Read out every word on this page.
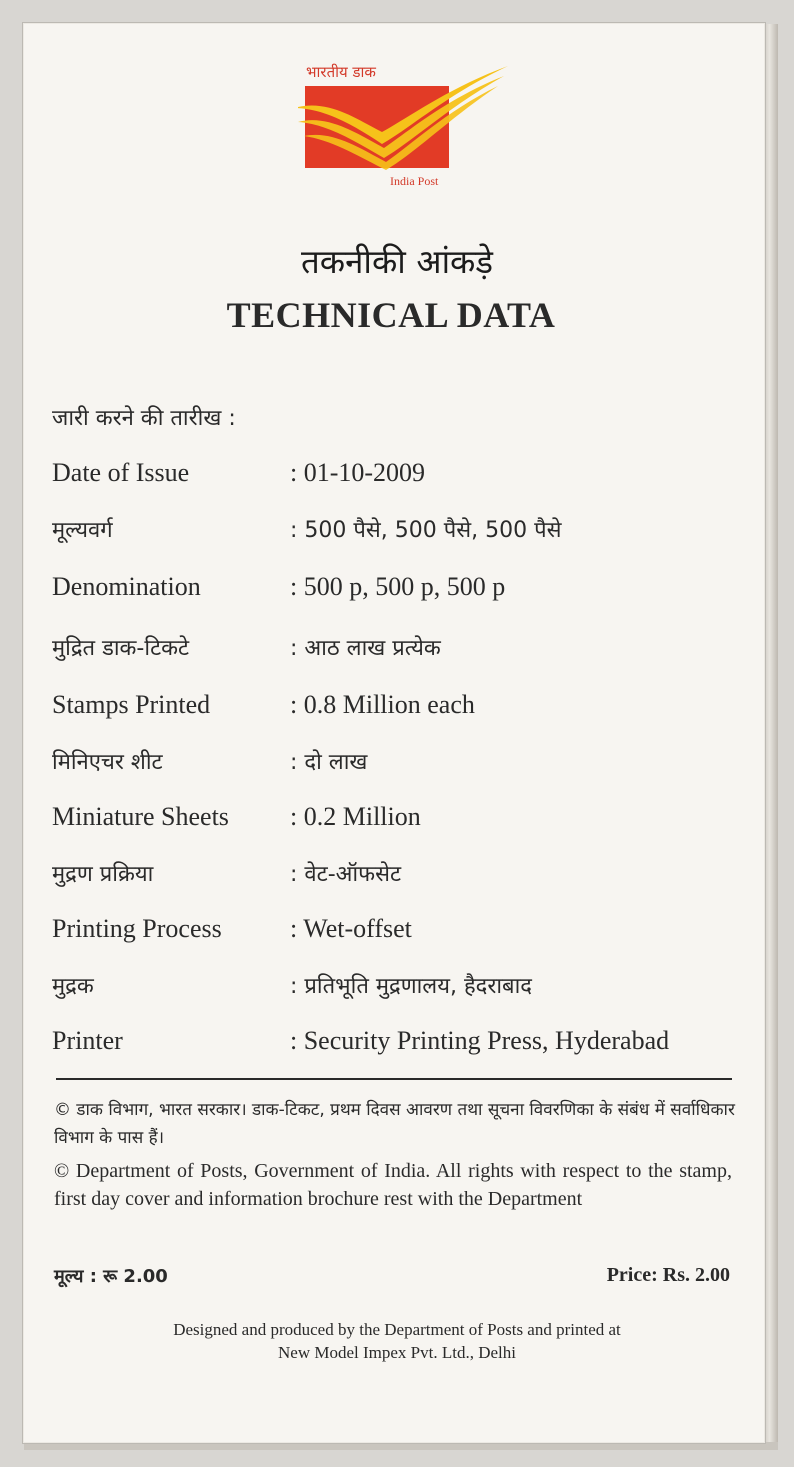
भारतीय डाक
India Post
तकनीकी आंकड़े
TECHNICAL DATA
जारी करने की तारीख :
Date of Issue	: 01-10-2009
मूल्यवर्ग	: 500 पैसे, 500 पैसे, 500 पैसे
Denomination	: 500 p, 500 p, 500 p
मुद्रित डाक-टिकटे	: आठ लाख प्रत्येक
Stamps Printed	: 0.8 Million each
मिनिएचर शीट	: दो लाख
Miniature Sheets : 0.2 Million
मुद्रण प्रक्रिया	: वेट-ऑफसेट
Printing Process	: Wet-offset
मुद्रक	: प्रतिभूति मुद्रणालय, हैदराबाद
Printer	: Security Printing Press, Hyderabad
© डाक विभाग, भारत सरकार। डाक-टिकट, प्रथम दिवस आवरण तथा सूचना विवरणिका के संबंध में सर्वाधिकार विभाग के पास हैं।
© Department of Posts, Government of India. All rights with respect to the stamp, first day cover and information brochure rest with the Department
मूल्य : रू 2.00	Price: Rs. 2.00
Designed and produced by the Department of Posts and printed at
New Model Impex Pvt. Ltd., Delhi
